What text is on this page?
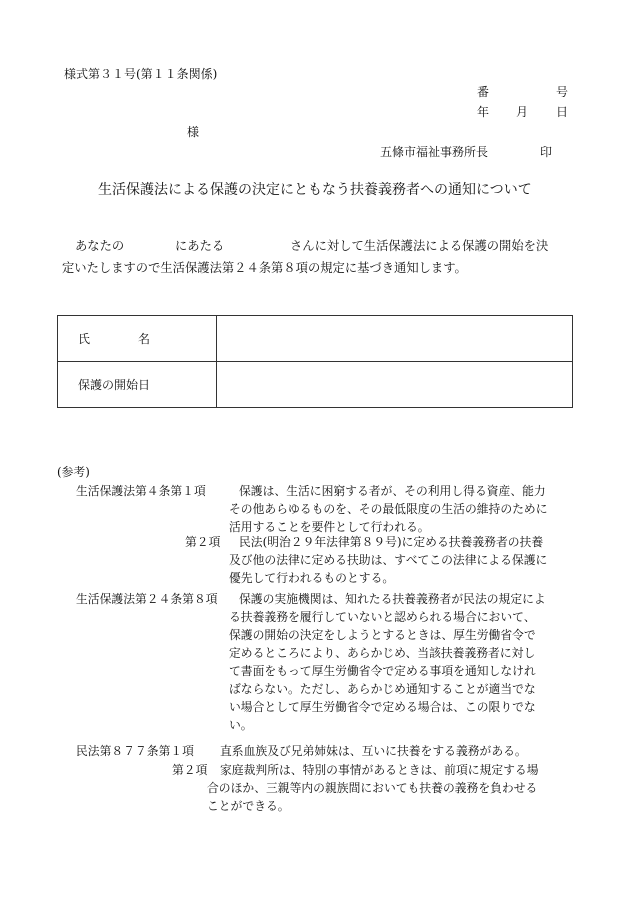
様式第３１号(第１１条関係)
番	号
年 月 日
様
五條市福祉事務所長	印
生活保護法による保護の決定にともなう扶養義務者への通知について
あなたの	にあたる	さんに対して生活保護法による保護の開始を決
定いたしますので生活保護法第２４条第８項の規定に基づき通知します。
氏　　　　名	
保護の開始日	
(参考)
生活保護法第４条第１項	保護は、生活に困窮する者が、その利用し得る資産、能力
その他あらゆるものを、その最低限度の生活の維持のために
活用することを要件として行われる。
第２項 民法(明治２９年法律第８９号)に定める扶養義務者の扶養
及び他の法律に定める扶助は、すべてこの法律による保護に
優先して行われるものとする。
生活保護法第２４条第８項 保護の実施機関は、知れたる扶養義務者が民法の規定によ
る扶養義務を履行していないと認められる場合において、
保護の開始の決定をしようとするときは、厚生労働省令で
定めるところにより、あらかじめ、当該扶養義務者に対し
て書面をもって厚生労働省令で定める事項を通知しなけれ
ばならない。ただし、あらかじめ通知することが適当でな
い場合として厚生労働省令で定める場合は、この限りでな
い。
民法第８７７条第１項 直系血族及び兄弟姉妹は、互いに扶養をする義務がある。
第２項 家庭裁判所は、特別の事情があるときは、前項に規定する場
合のほか、三親等内の親族間においても扶養の義務を負わせる
ことができる。
